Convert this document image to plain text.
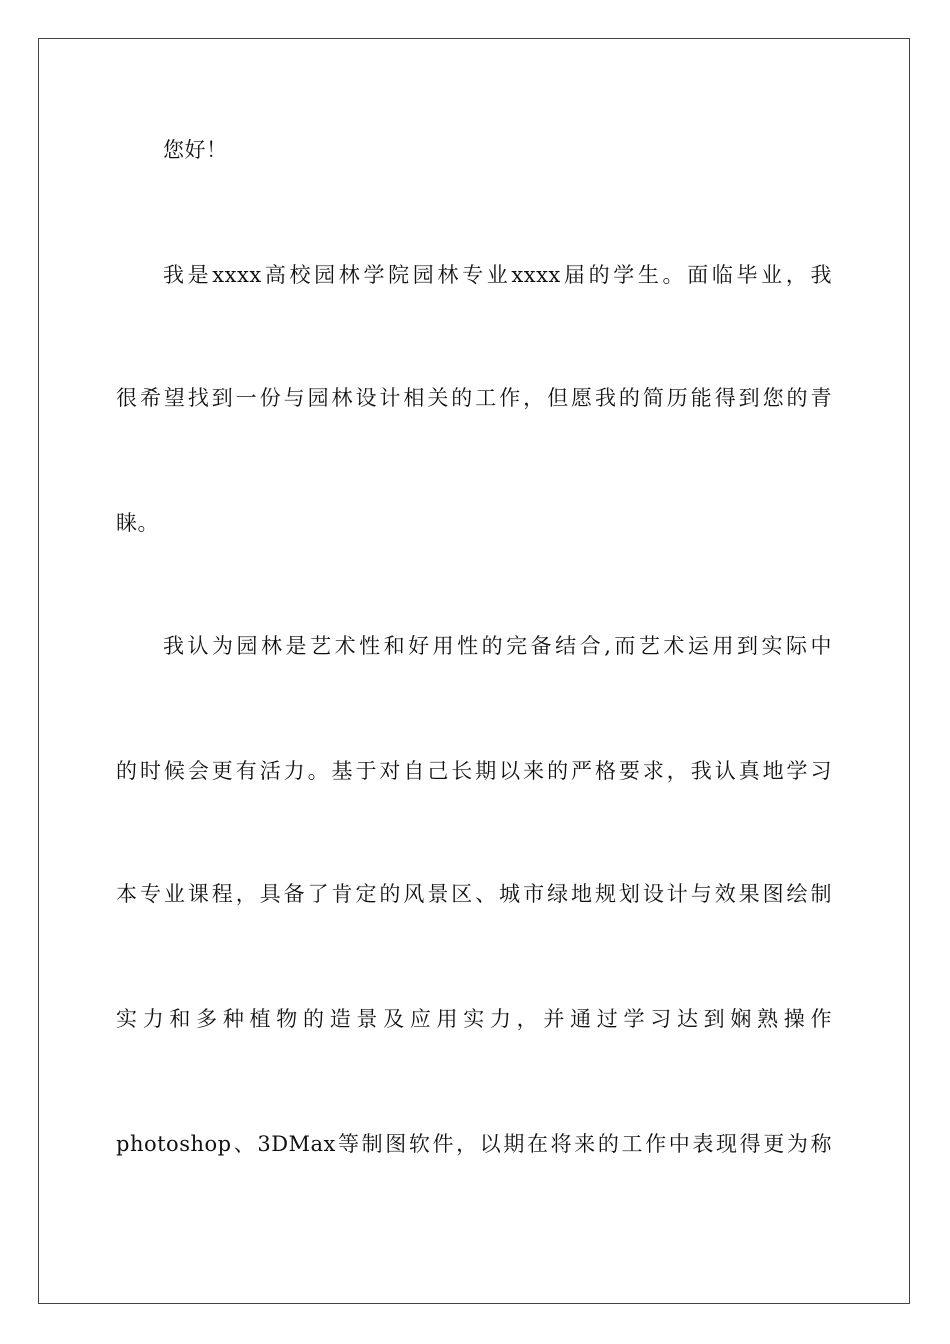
您好！
我是xxxx高校园林学院园林专业xxxx届的学生。面临毕业，我
很希望找到一份与园林设计相关的工作，但愿我的简历能得到您的青
睐。
我认为园林是艺术性和好用性的完备结合,而艺术运用到实际中
的时候会更有活力。基于对自己长期以来的严格要求，我认真地学习
本专业课程，具备了肯定的风景区、城市绿地规划设计与效果图绘制
实力和多种植物的造景及应用实力，并通过学习达到娴熟操作
photoshop、3DMax等制图软件，以期在将来的工作中表现得更为称
